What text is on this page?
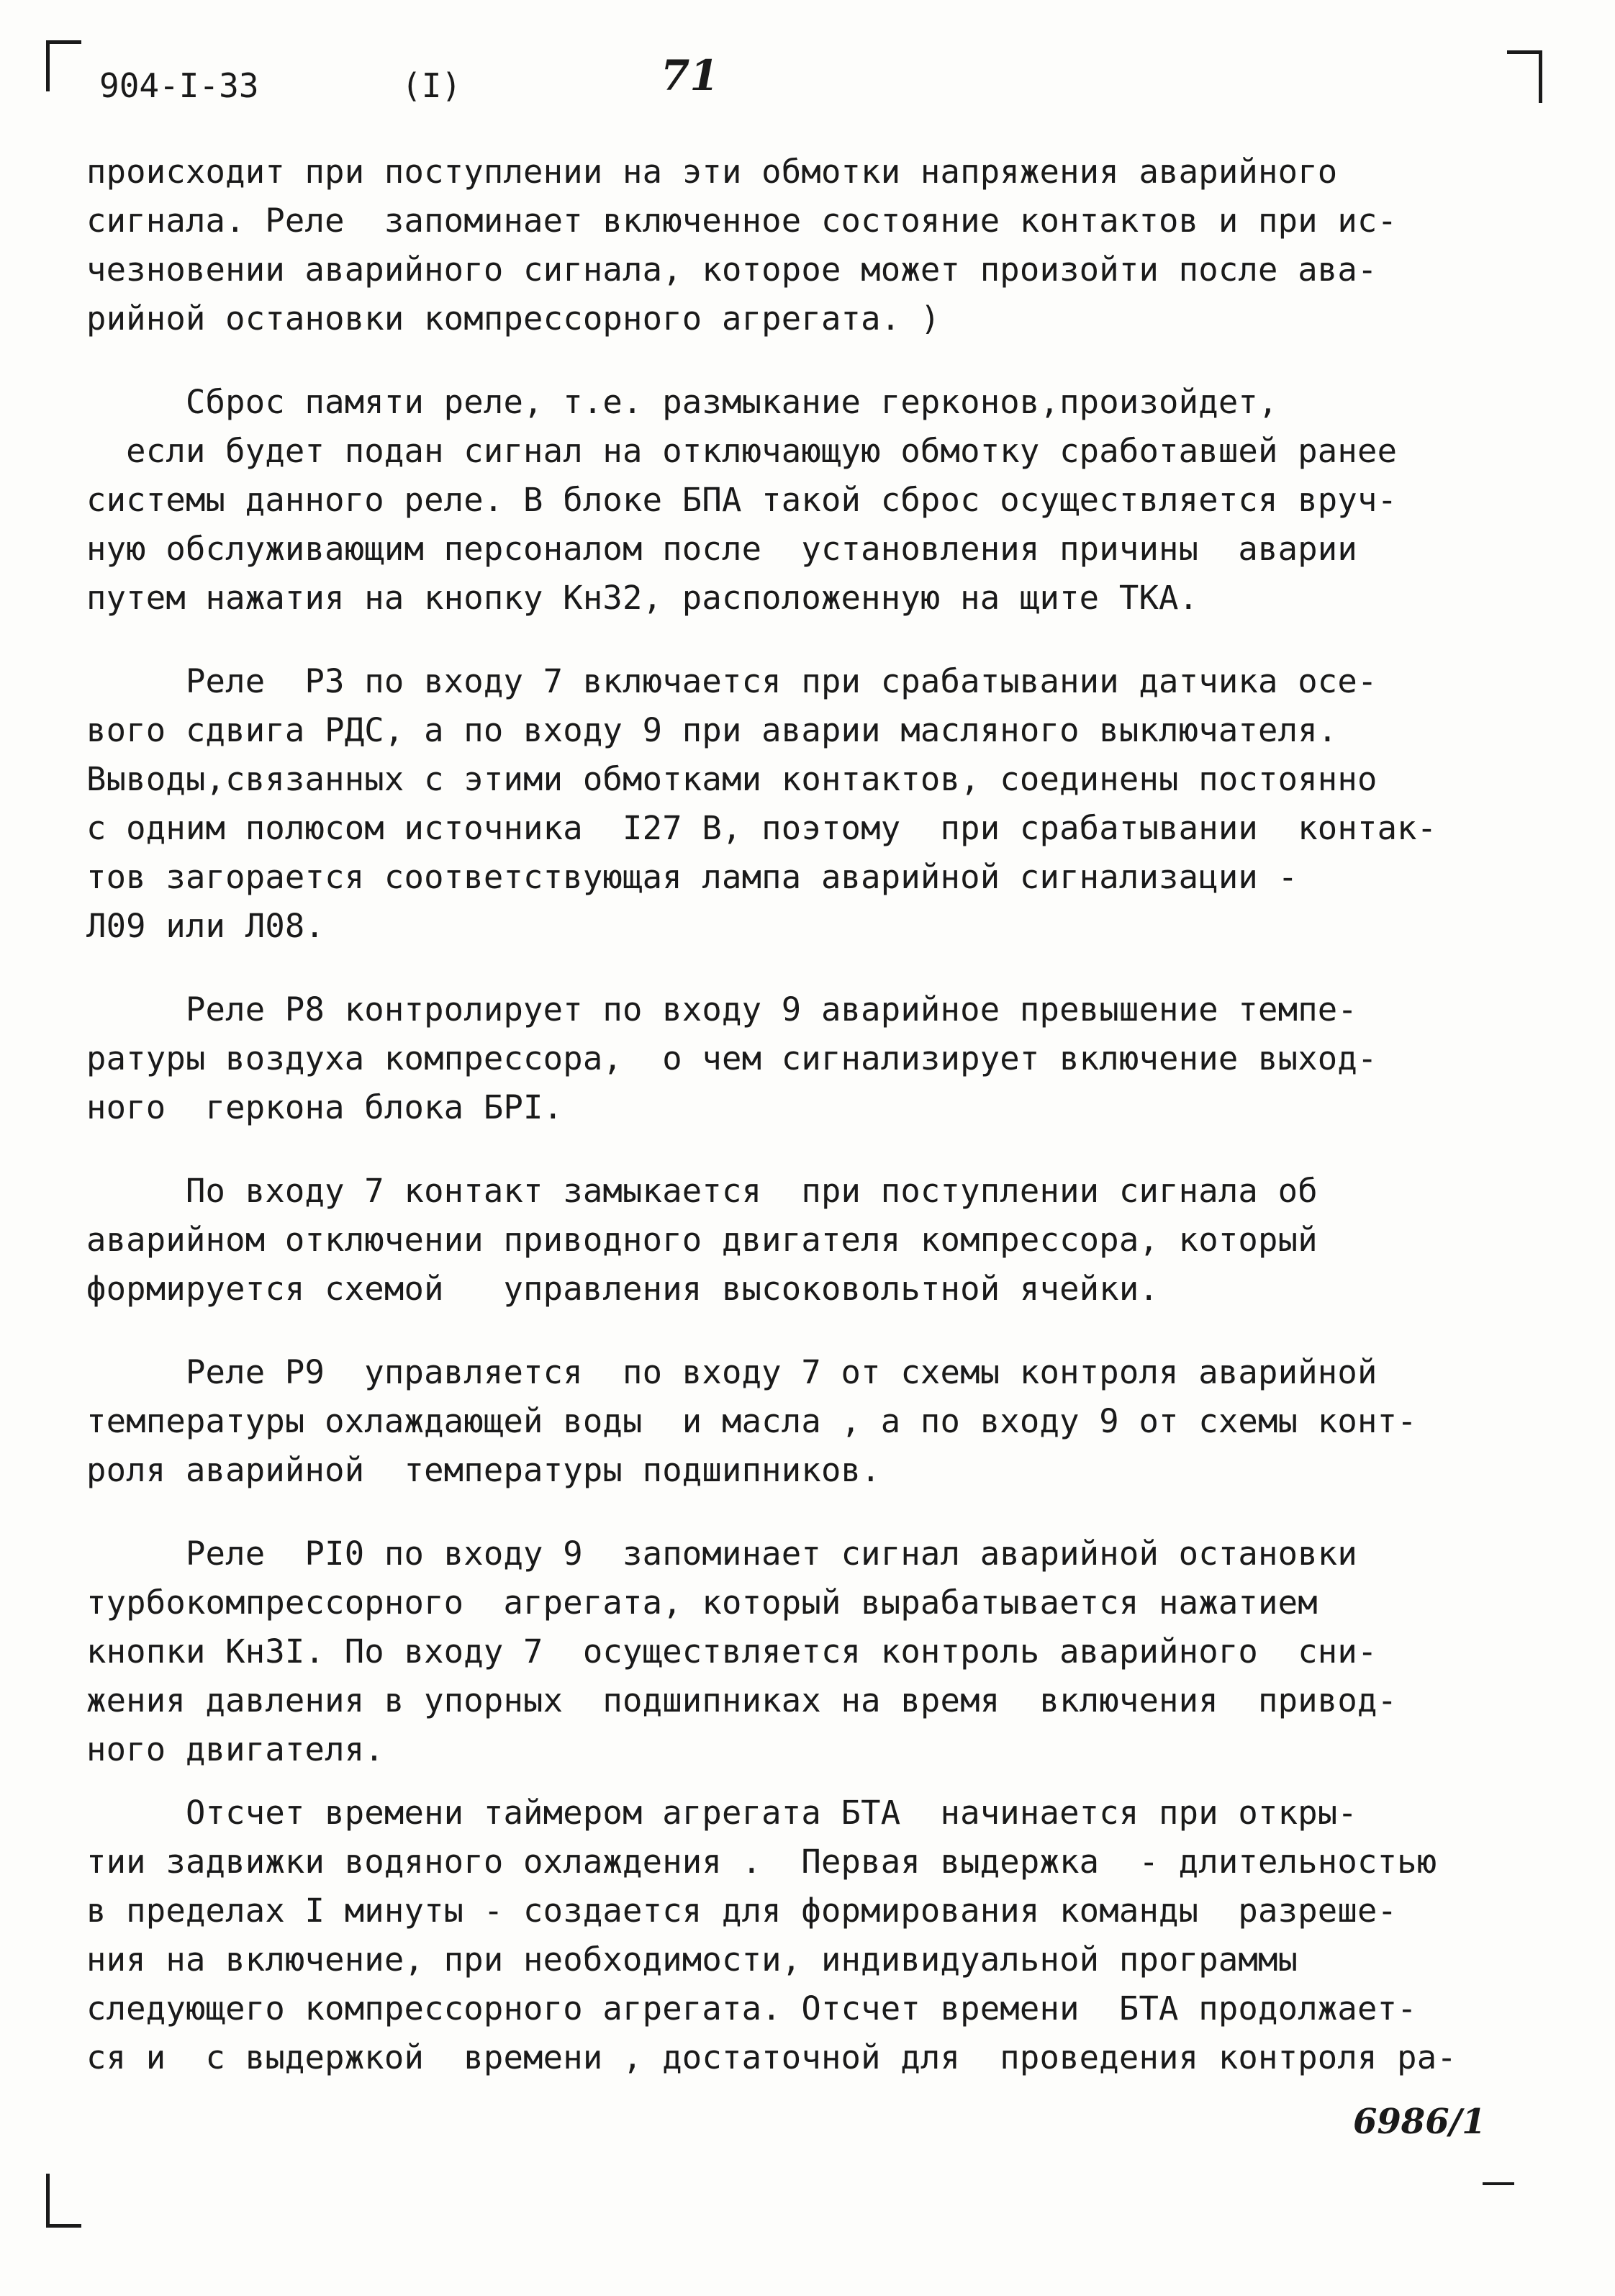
904-I-33	(I)	71
происходит при поступлении на эти обмотки напряжения аварийного
сигнала. Реле  запоминает включенное состояние контактов и при ис-
чезновении аварийного сигнала, которое может произойти после ава-
рийной остановки компрессорного агрегата. )
Сброс памяти реле, т.е. размыкание герконов,произойдет,
если будет подан сигнал на отключающую обмотку сработавшей ранее
системы данного реле. В блоке БПА такой сброс осуществляется вруч-
ную обслуживающим персоналом после  установления причины  аварии
путем нажатия на кнопку Кн32, расположенную на щите ТКА.
Реле  Р3 по входу 7 включается при срабатывании датчика осе-
вого сдвига РДС, а по входу 9 при аварии масляного выключателя.
Выводы,связанных с этими обмотками контактов, соединены постоянно
с одним полюсом источника  I27 В, поэтому  при срабатывании  контак-
тов загорается соответствующая лампа аварийной сигнализации -
Л09 или Л08.
Реле Р8 контролирует по входу 9 аварийное превышение темпе-
ратуры воздуха компрессора,  о чем сигнализирует включение выход-
ного  геркона блока БРI.
По входу 7 контакт замыкается  при поступлении сигнала об
аварийном отключении приводного двигателя компрессора, который
формируется схемой   управления высоковольтной ячейки.
Реле Р9  управляется  по входу 7 от схемы контроля аварийной
температуры охлаждающей воды  и масла , а по входу 9 от схемы конт-
роля аварийной  температуры подшипников.
Реле  РI0 по входу 9  запоминает сигнал аварийной остановки
турбокомпрессорного  агрегата, который вырабатывается нажатием
кнопки КнЗI. По входу 7  осуществляется контроль аварийного  сни-
жения давления в упорных  подшипниках на время  включения  привод-
ного двигателя.
Отсчет времени таймером агрегата БТА  начинается при откры-
тии задвижки водяного охлаждения .  Первая выдержка  - длительностью
в пределах I минуты - создается для формирования команды  разреше-
ния на включение, при необходимости, индивидуальной программы
следующего компрессорного агрегата. Отсчет времени  БТА продолжает-
ся и  с выдержкой  времени , достаточной для  проведения контроля ра-
6986/1
